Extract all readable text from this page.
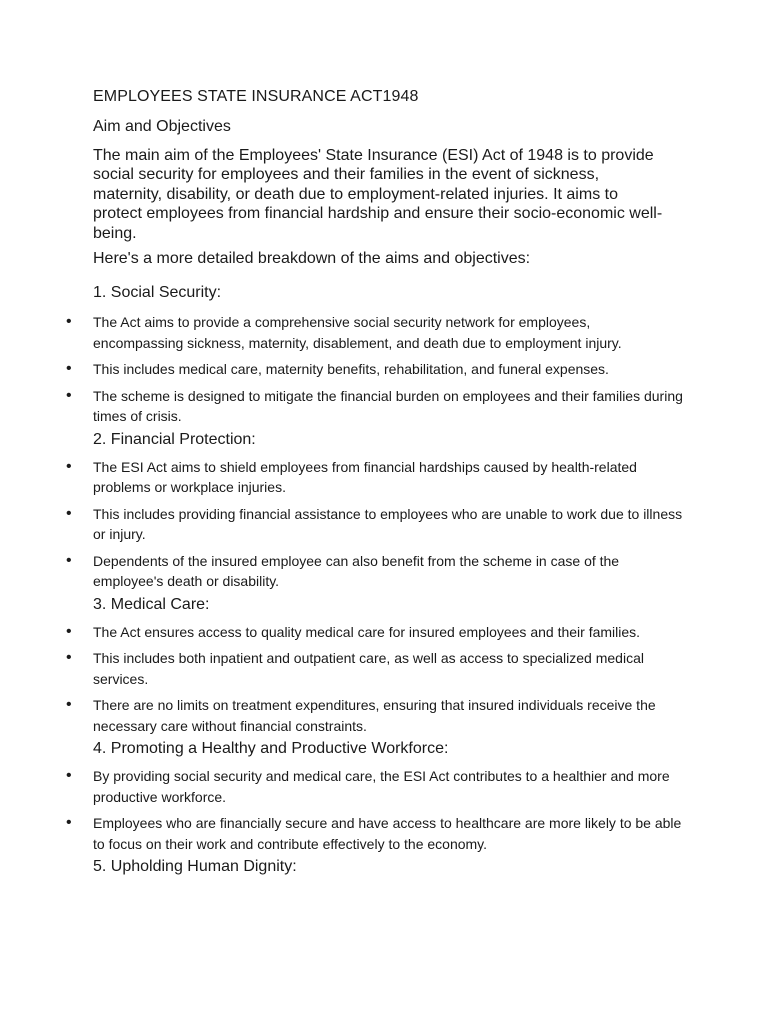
EMPLOYEES STATE INSURANCE ACT1948
Aim and Objectives
The main aim of the Employees' State Insurance (ESI) Act of 1948 is to provide social security for employees and their families in the event of sickness, maternity, disability, or death due to employment-related injuries. It aims to protect employees from financial hardship and ensure their socio-economic well-being.
Here's a more detailed breakdown of the aims and objectives:
1. Social Security:
• The Act aims to provide a comprehensive social security network for employees, encompassing sickness, maternity, disablement, and death due to employment injury.
• This includes medical care, maternity benefits, rehabilitation, and funeral expenses.
• The scheme is designed to mitigate the financial burden on employees and their families during times of crisis.
2. Financial Protection:
• The ESI Act aims to shield employees from financial hardships caused by health-related problems or workplace injuries.
• This includes providing financial assistance to employees who are unable to work due to illness or injury.
• Dependents of the insured employee can also benefit from the scheme in case of the employee's death or disability.
3. Medical Care:
• The Act ensures access to quality medical care for insured employees and their families.
• This includes both inpatient and outpatient care, as well as access to specialized medical services.
• There are no limits on treatment expenditures, ensuring that insured individuals receive the necessary care without financial constraints.
4. Promoting a Healthy and Productive Workforce:
• By providing social security and medical care, the ESI Act contributes to a healthier and more productive workforce.
• Employees who are financially secure and have access to healthcare are more likely to be able to focus on their work and contribute effectively to the economy.
5. Upholding Human Dignity:
